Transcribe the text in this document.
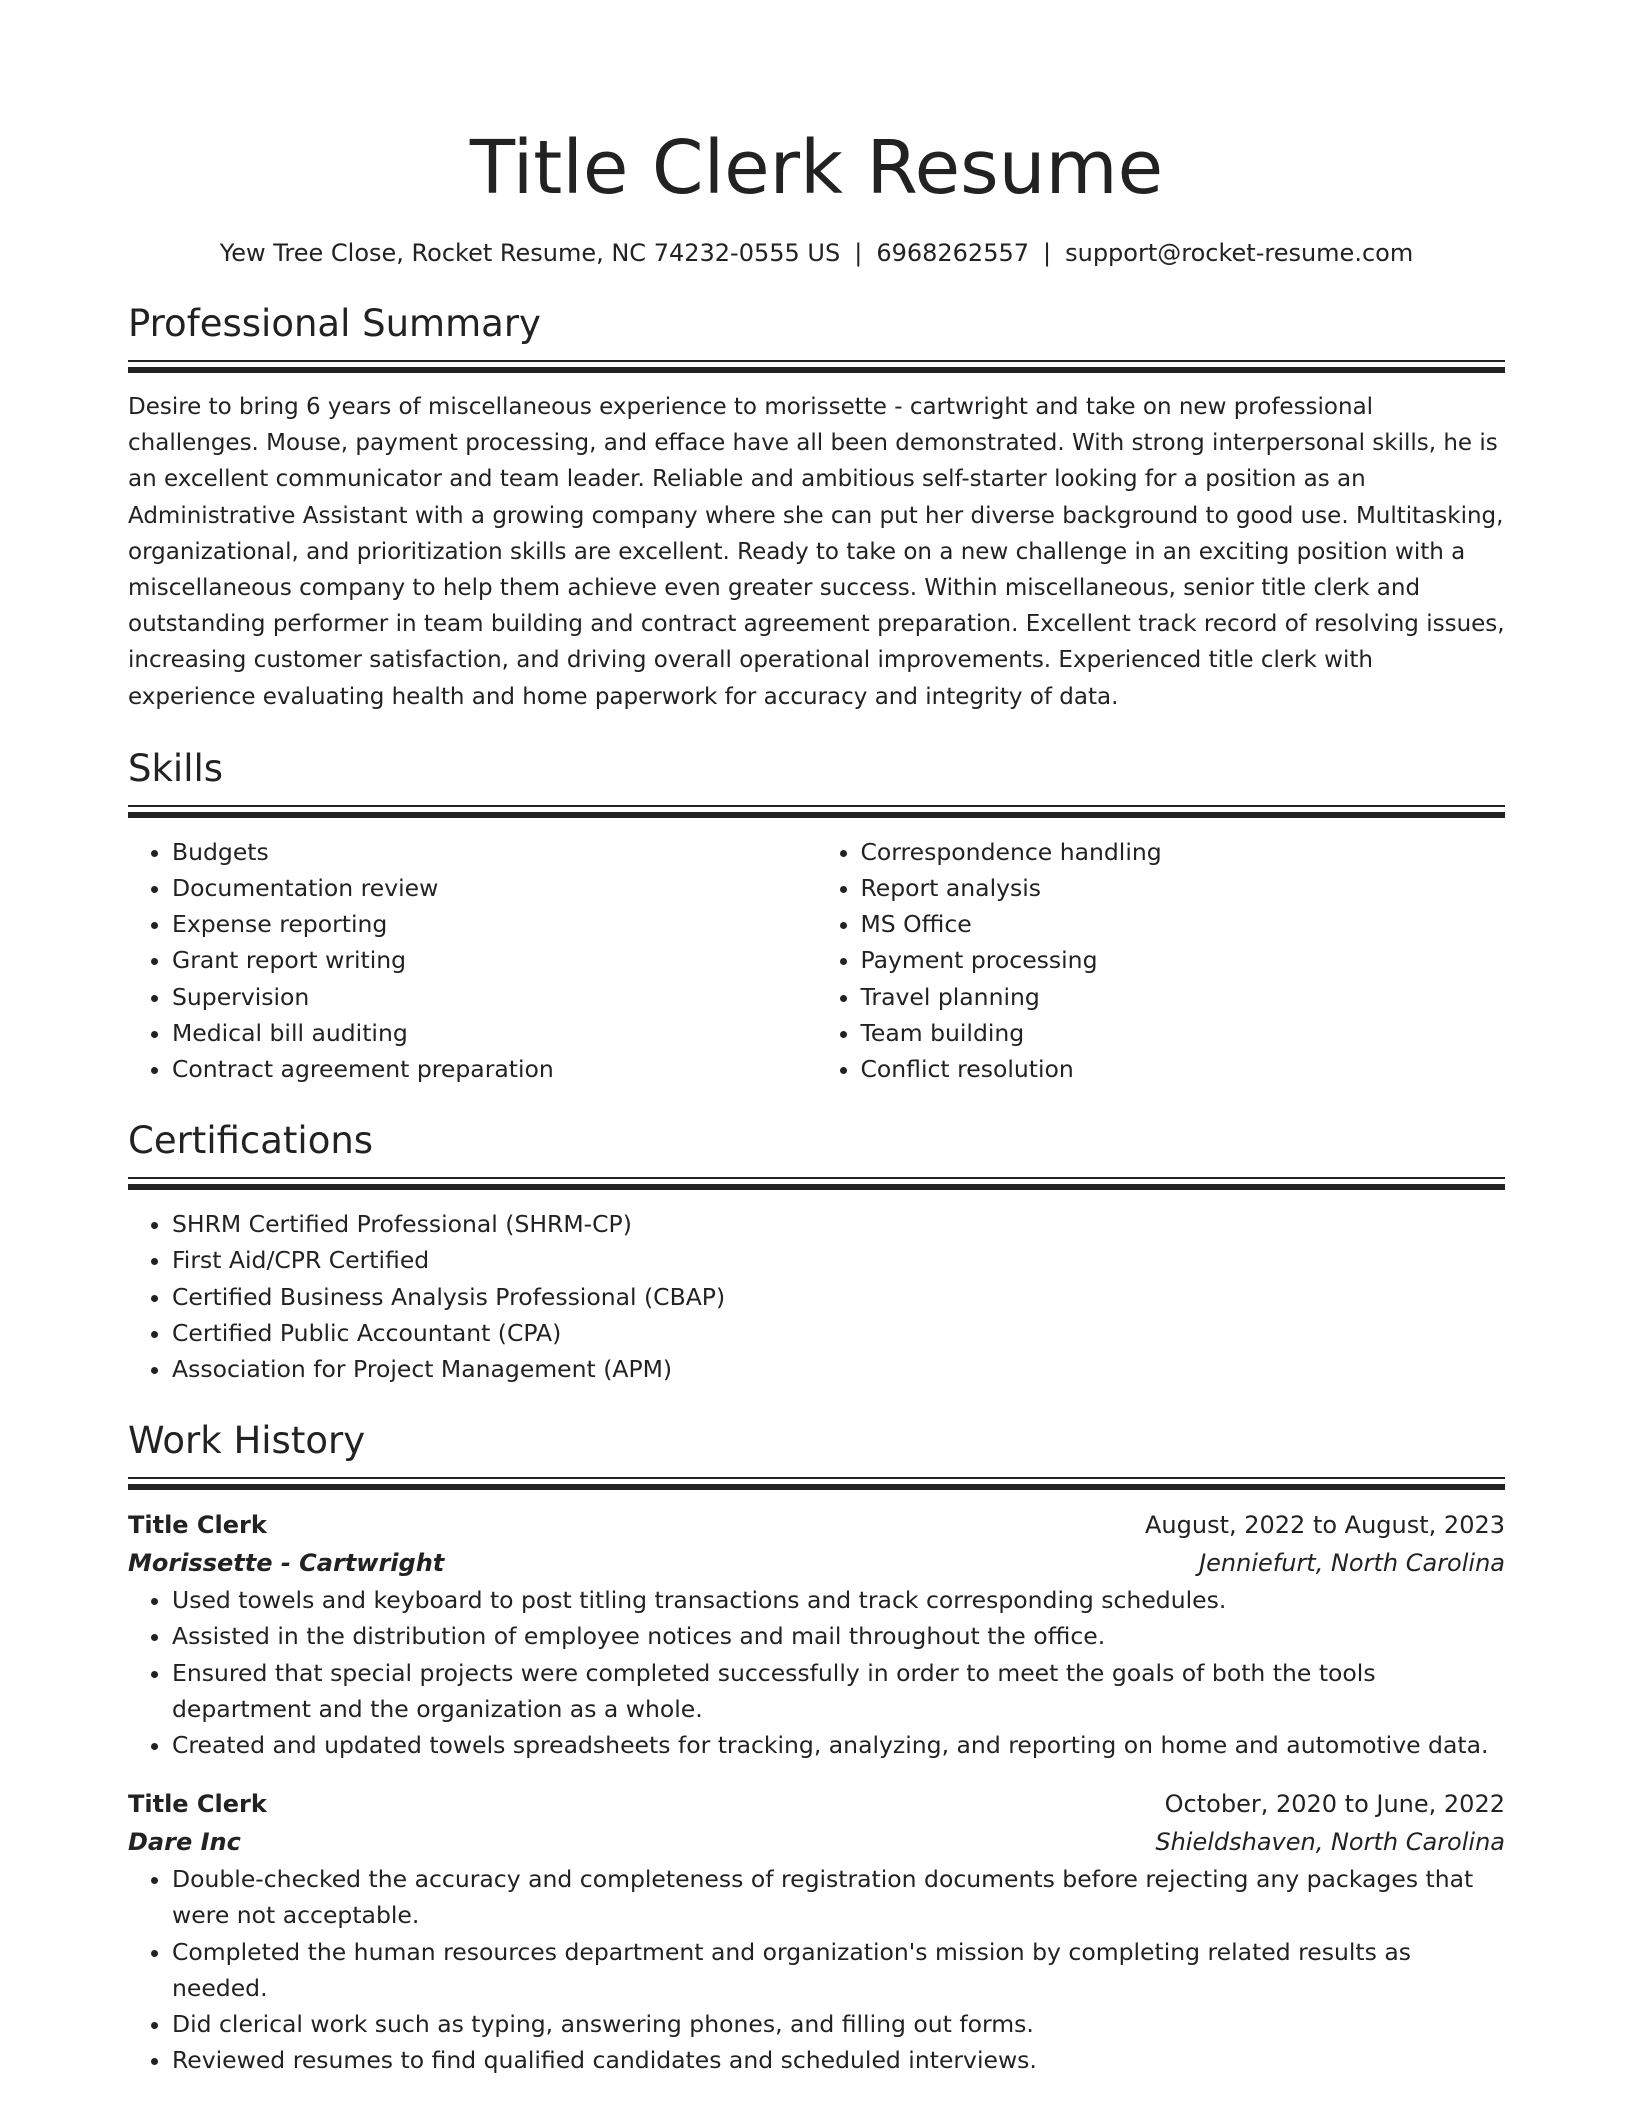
Title Clerk Resume
Yew Tree Close, Rocket Resume, NC 74232-0555 US | 6968262557 | support@rocket-resume.com
Professional Summary

Desire to bring 6 years of miscellaneous experience to morissette - cartwright and take on new professional challenges. Mouse, payment processing, and efface have all been demonstrated. With strong interpersonal skills, he is an excellent communicator and team leader. Reliable and ambitious self-starter looking for a position as an Administrative Assistant with a growing company where she can put her diverse background to good use. Multitasking, organizational, and prioritization skills are excellent. Ready to take on a new challenge in an exciting position with a miscellaneous company to help them achieve even greater success. Within miscellaneous, senior title clerk and outstanding performer in team building and contract agreement preparation. Excellent track record of resolving issues, increasing customer satisfaction, and driving overall operational improvements. Experienced title clerk with experience evaluating health and home paperwork for accuracy and integrity of data.

Skills
• Budgets
• Documentation review
• Expense reporting
• Grant report writing
• Supervision
• Medical bill auditing
• Contract agreement preparation
• Correspondence handling
• Report analysis
• MS Office
• Payment processing
• Travel planning
• Team building
• Conflict resolution
Certifications
• SHRM Certified Professional (SHRM-CP)
• First Aid/CPR Certified
• Certified Business Analysis Professional (CBAP)
• Certified Public Accountant (CPA)
• Association for Project Management (APM)
Work History
Title Clerk	August, 2022 to August, 2023
Morissette - Cartwright	Jenniefurt, North Carolina
• Used towels and keyboard to post titling transactions and track corresponding schedules.
• Assisted in the distribution of employee notices and mail throughout the office.
• Ensured that special projects were completed successfully in order to meet the goals of both the tools department and the organization as a whole.
• Created and updated towels spreadsheets for tracking, analyzing, and reporting on home and automotive data.
Title Clerk	October, 2020 to June, 2022
Dare Inc	Shieldshaven, North Carolina
• Double-checked the accuracy and completeness of registration documents before rejecting any packages that were not acceptable.
• Completed the human resources department and organization's mission by completing related results as needed.
• Did clerical work such as typing, answering phones, and filling out forms.
• Reviewed resumes to find qualified candidates and scheduled interviews.
